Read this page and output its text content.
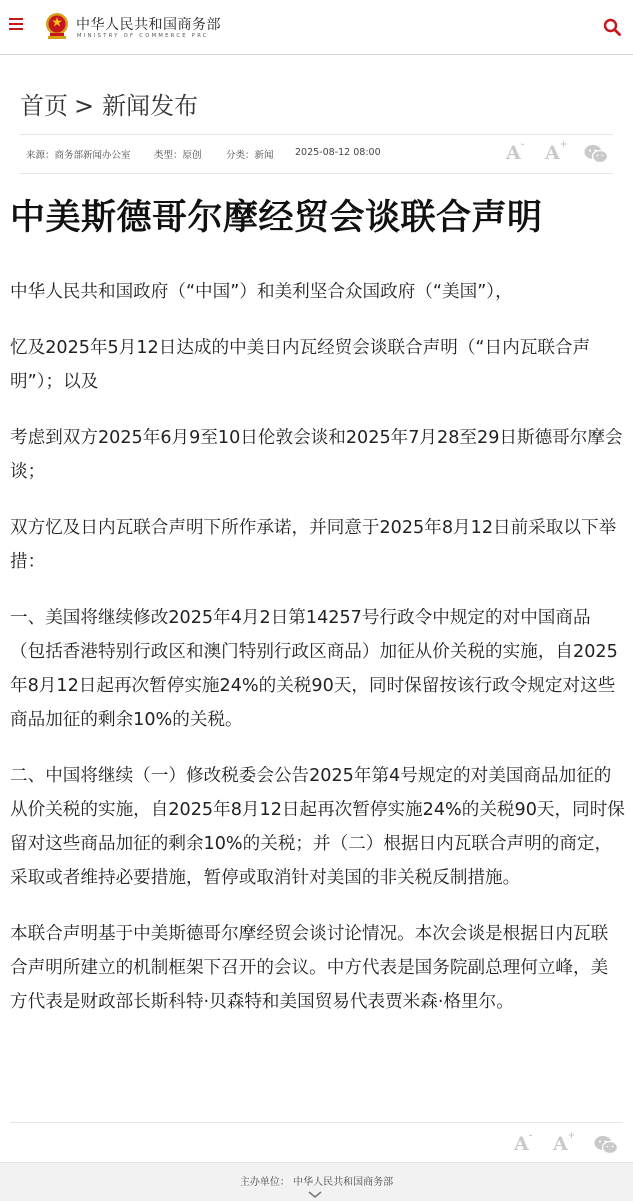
中华人民共和国商务部
MINISTRY OF COMMERCE PRC
首页 > 新闻发布
来源：商务部新闻办公室 类型：原创	分类：新闻 2025-08-12 08:00	A- A+
中美斯德哥尔摩经贸会谈联合声明

中华人民共和国政府（“中国”）和美利坚合众国政府（“美国”），

忆及2025年5月12日达成的中美日内瓦经贸会谈联合声明（“日内瓦联合声明”）；以及

考虑到双方2025年6月9至10日伦敦会谈和2025年7月28至29日斯德哥尔摩会谈；

双方忆及日内瓦联合声明下所作承诺，并同意于2025年8月12日前采取以下举措：

一、美国将继续修改2025年4月2日第14257号行政令中规定的对中国商品（包括香港特别行政区和澳门特别行政区商品）加征从价关税的实施，自2025年8月12日起再次暂停实施24%的关税90天，同时保留按该行政令规定对这些商品加征的剩余10%的关税。

二、中国将继续（一）修改税委会公告2025年第4号规定的对美国商品加征的从价关税的实施，自2025年8月12日起再次暂停实施24%的关税90天，同时保留对这些商品加征的剩余10%的关税；并（二）根据日内瓦联合声明的商定，采取或者维持必要措施，暂停或取消针对美国的非关税反制措施。

本联合声明基于中美斯德哥尔摩经贸会谈讨论情况。本次会谈是根据日内瓦联合声明所建立的机制框架下召开的会议。中方代表是国务院副总理何立峰，美方代表是财政部长斯科特·贝森特和美国贸易代表贾米森·格里尔。

A- A+
主办单位： 中华人民共和国商务部
